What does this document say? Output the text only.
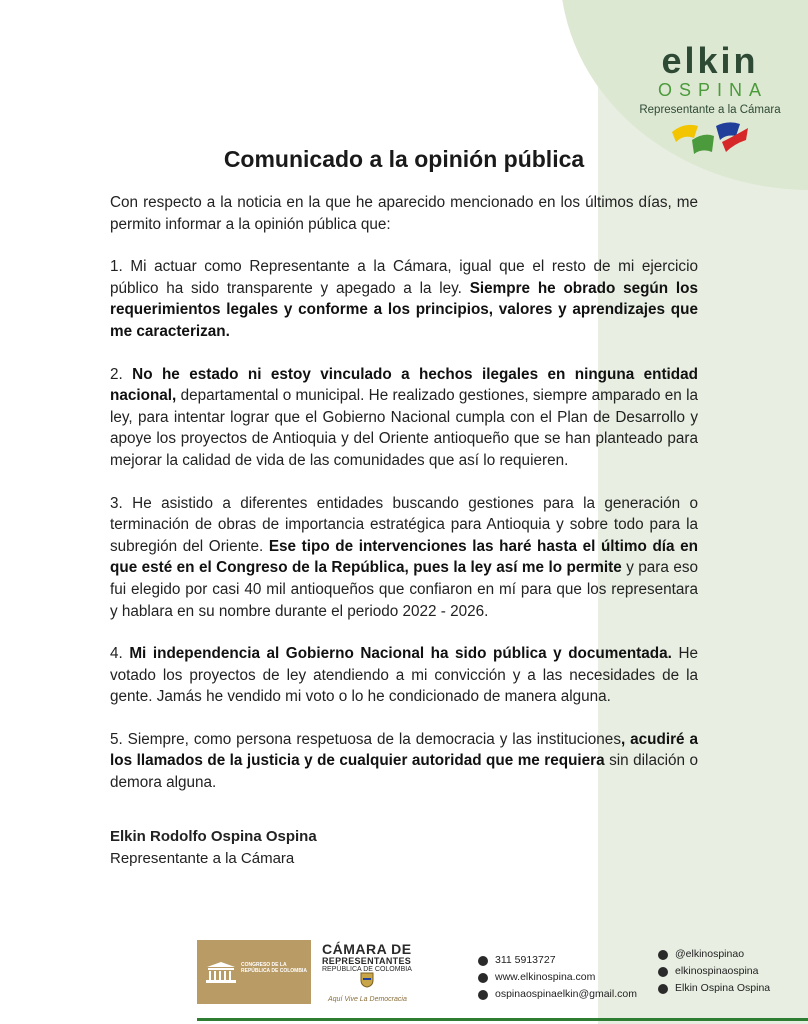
elkin
OSPINA
Representante a la Cámara
Comunicado a la opinión pública

Con respecto a la noticia en la que he aparecido mencionado en los últimos días, me permito informar a la opinión pública que:

1. Mi actuar como Representante a la Cámara, igual que el resto de mi ejercicio público ha sido transparente y apegado a la ley. Siempre he obrado según los requerimientos legales y conforme a los principios, valores y aprendizajes que me caracterizan.

2. No he estado ni estoy vinculado a hechos ilegales en ninguna entidad nacional, departamental o municipal. He realizado gestiones, siempre amparado en la ley, para intentar lograr que el Gobierno Nacional cumpla con el Plan de Desarrollo y apoye los proyectos de Antioquia y del Oriente antioqueño que se han planteado para mejorar la calidad de vida de las comunidades que así lo requieren.

3. He asistido a diferentes entidades buscando gestiones para la generación o terminación de obras de importancia estratégica para Antioquia y sobre todo para la subregión del Oriente. Ese tipo de intervenciones las haré hasta el último día en que esté en el Congreso de la República, pues la ley así me lo permite y para eso fui elegido por casi 40 mil antioqueños que confiaron en mí para que los representara y hablara en su nombre durante el periodo 2022 - 2026.

4. Mi independencia al Gobierno Nacional ha sido pública y documentada. He votado los proyectos de ley atendiendo a mi convicción y a las necesidades de la gente. Jamás he vendido mi voto o lo he condicionado de manera alguna.

5. Siempre, como persona respetuosa de la democracia y las instituciones, acudiré a los llamados de la justicia y de cualquier autoridad que me requiera sin dilación o demora alguna.

Elkin Rodolfo Ospina Ospina
Representante a la Cámara
CONGRESO DE LA REPÚBLICA DE COLOMBIA
CÁMARA DE
REPRESENTANTES
REPÚBLICA DE COLOMBIA
Aquí Vive La Democracia
311 5913727
www.elkinospina.com
ospinaospinaelkin@gmail.com
@elkinospinao
elkinospinaospina
Elkin Ospina Ospina
